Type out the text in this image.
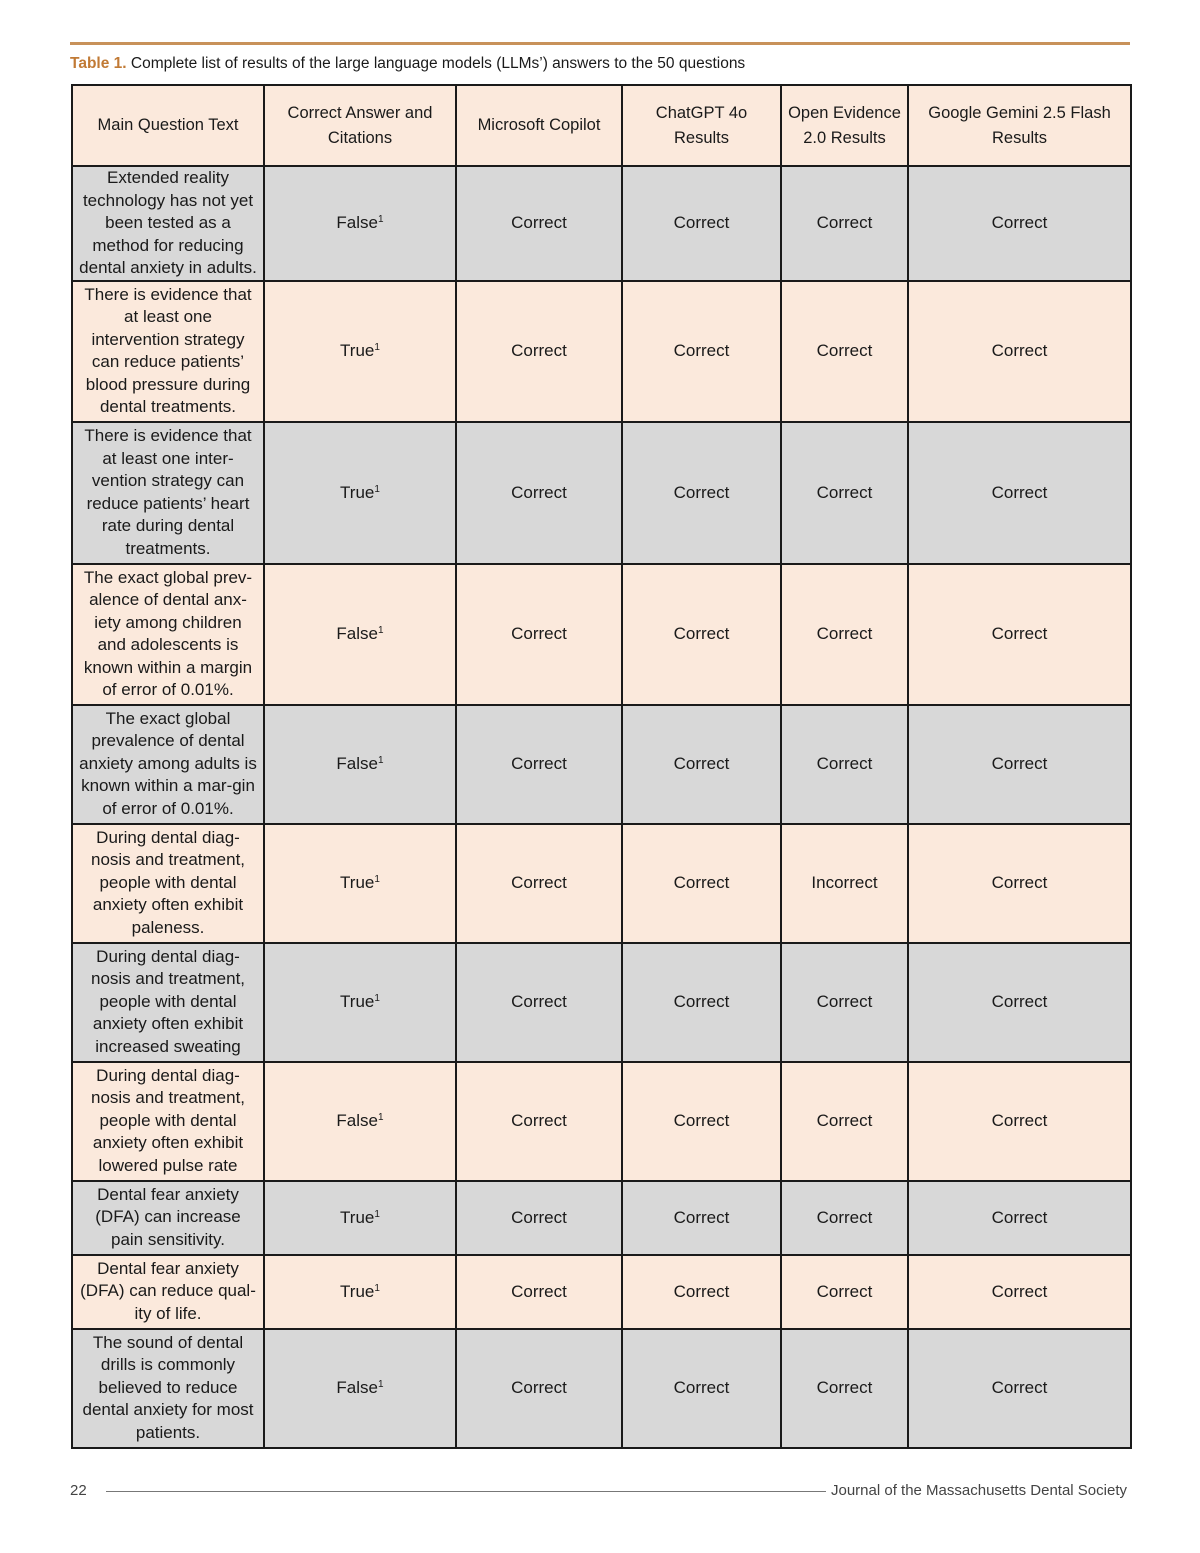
Table 1. Complete list of results of the large language models (LLMs’) answers to the 50 questions
Main Question Text	Correct Answer and Citations	Microsoft Copilot	ChatGPT 4o Results	Open Evidence 2.0 Results	Google Gemini 2.5 Flash Results
Extended reality technology has not yet been tested as a method for reducing dental anxiety in adults.	False$^1$	Correct	Correct	Correct	Correct
There is evidence that at least one intervention strategy can reduce patients’ blood pressure during dental treatments.	True$^1$	Correct	Correct	Correct	Correct
There is evidence that at least one inter-vention strategy can reduce patients’ heart rate during dental treatments.	True$^1$	Correct	Correct	Correct	Correct
The exact global prev-alence of dental anx-iety among children and adolescents is known within a margin of error of 0.01%.	False$^1$	Correct	Correct	Correct	Correct
The exact global prevalence of dental anxiety among adults is known within a mar-gin of error of 0.01%.	False$^1$	Correct	Correct	Correct	Correct
During dental diag-nosis and treatment, people with dental anxiety often exhibit paleness.	True$^1$	Correct	Correct	Incorrect	Correct
During dental diag-nosis and treatment, people with dental anxiety often exhibit increased sweating	True$^1$	Correct	Correct	Correct	Correct
During dental diag-nosis and treatment, people with dental anxiety often exhibit lowered pulse rate	False$^1$	Correct	Correct	Correct	Correct
Dental fear anxiety (DFA) can increase pain sensitivity.	True$^1$	Correct	Correct	Correct	Correct
Dental fear anxiety (DFA) can reduce qual-ity of life.	True$^1$	Correct	Correct	Correct	Correct
The sound of dental drills is commonly believed to reduce dental anxiety for most patients.	False$^1$	Correct	Correct	Correct	Correct
22	Journal of the Massachusetts Dental Society
